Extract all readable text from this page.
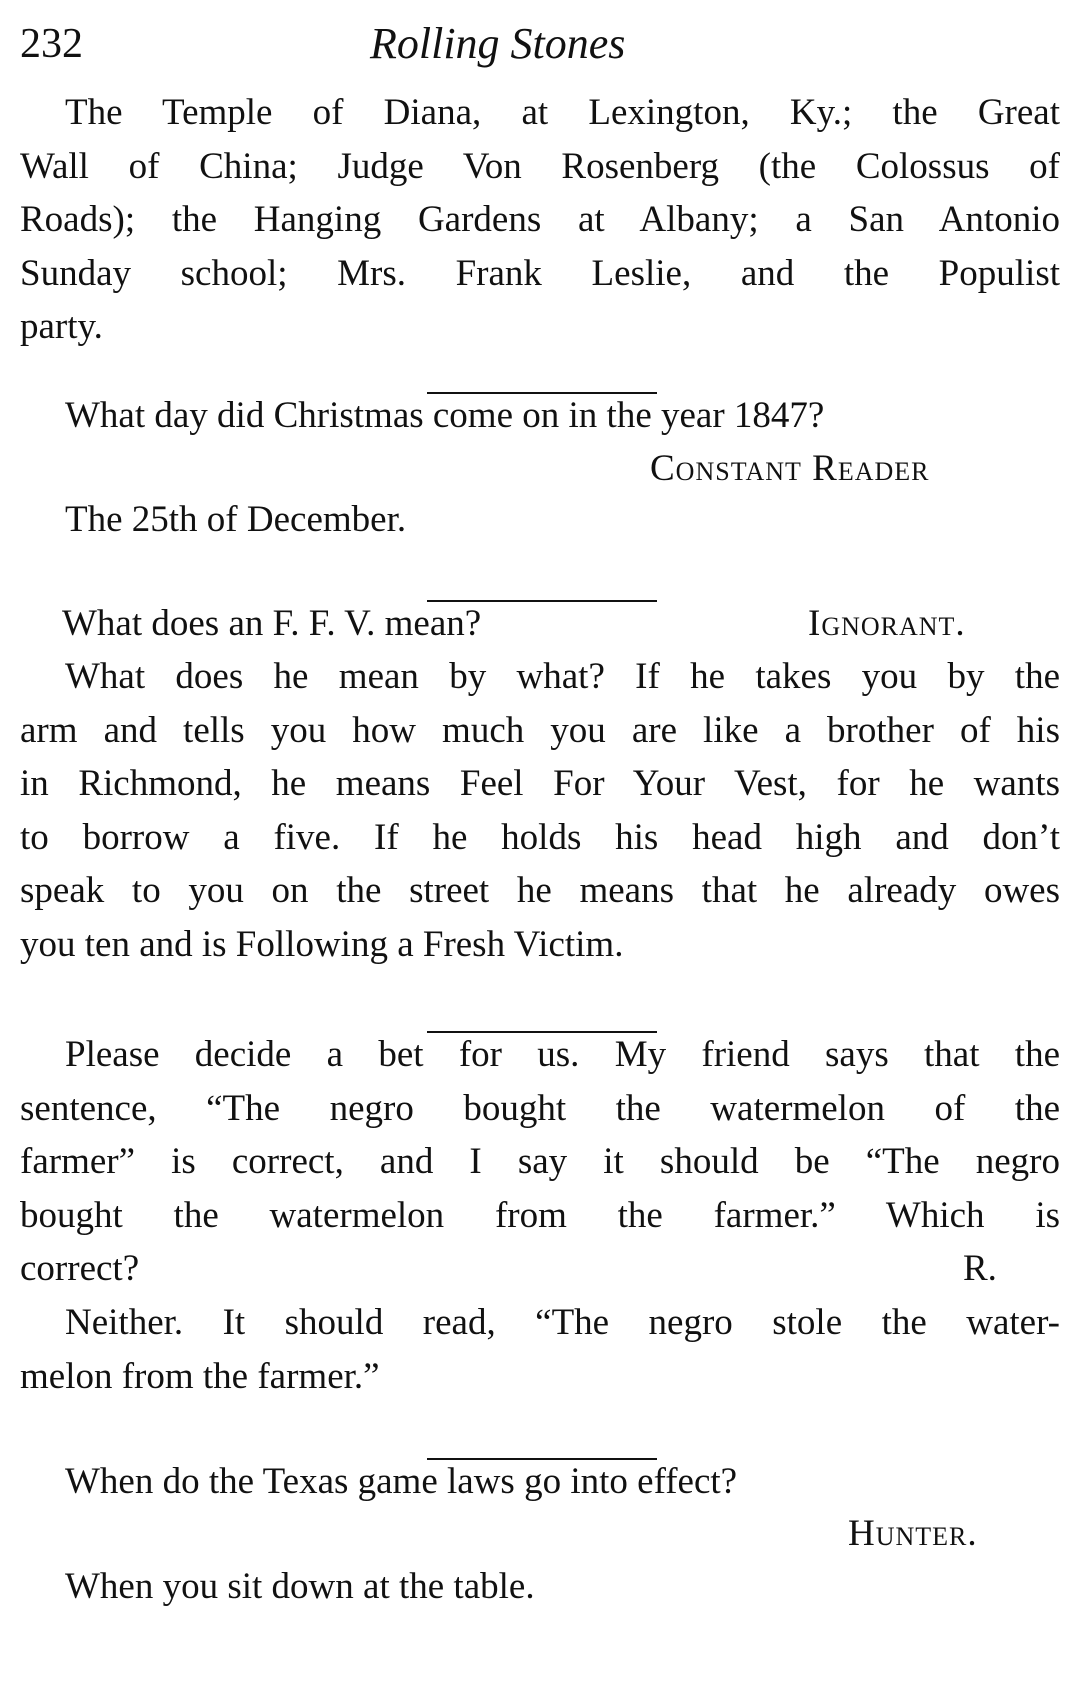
232	Rolling Stones
The Temple of Diana, at Lexington, Ky.; the Great
Wall of China; Judge Von Rosenberg (the Colossus of
Roads); the Hanging Gardens at Albany; a San Antonio
Sunday school; Mrs. Frank Leslie, and the Populist
party.
What day did Christmas come on in the year 1847?
Constant Reader
The 25th of December.
What does an F. F. V. mean?	Ignorant.
What does he mean by what? If he takes you by the
arm and tells you how much you are like a brother of his
in Richmond, he means Feel For Your Vest, for he wants
to borrow a five. If he holds his head high and don’t
speak to you on the street he means that he already owes
you ten and is Following a Fresh Victim.
Please decide a bet for us. My friend says that the
sentence, “The negro bought the watermelon of the
farmer” is correct, and I say it should be “The negro
bought the watermelon from the farmer.” Which is
correct?	R.
Neither. It should read, “The negro stole the water-
melon from the farmer.”
When do the Texas game laws go into effect?
Hunter.
When you sit down at the table.
